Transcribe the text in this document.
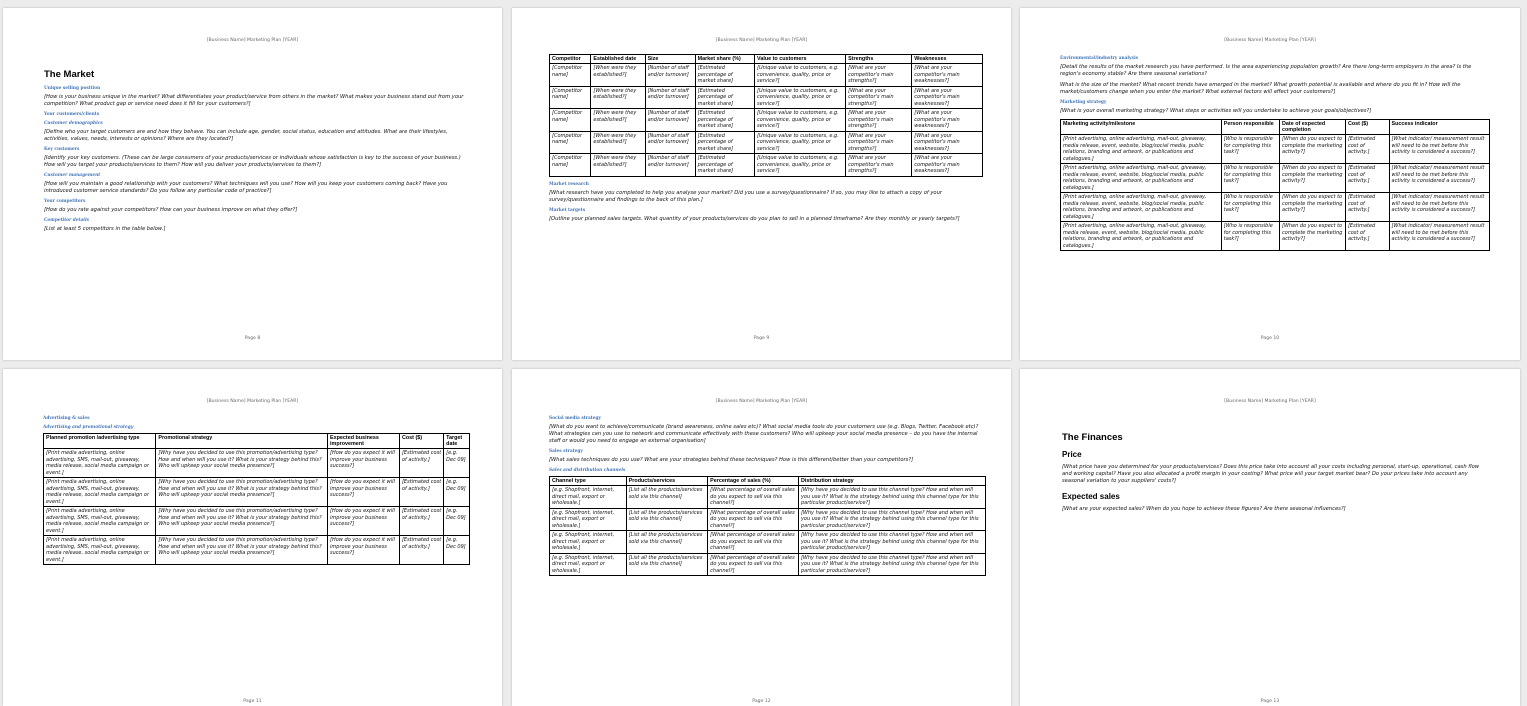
[Business Name] Marketing Plan [YEAR]
The Market
Unique selling position
[How is your business unique in the market? What differentiates your product/service from others in the market? What makes your business stand out from your competition? What product gap or service need does it fill for your customers?]
Your customers/clients
Customer demographics
[Define who your target customers are and how they behave. You can include age, gender, social status, education and attitudes. What are their lifestyles, activities, values, needs, interests or opinions? Where are they located?]
Key customers
[Identify your key customers. (These can be large consumers of your products/services or individuals whose satisfaction is key to the success of your business.) How will you target your products/services to them? How will you deliver your products/services to them?]
Customer management
[How will you maintain a good relationship with your customers? What techniques will you use? How will you keep your customers coming back? Have you introduced customer service standards? Do you follow any particular code of practice?]
Your competitors
[How do you rate against your competitors? How can your business improve on what they offer?]
Competitor details
[List at least 5 competitors in the table below.]
Page 8
[Business Name] Marketing Plan [YEAR]
Competitor	Established date	Size	Market share (%)	Value to customers	Strengths	Weaknesses
[Competitor name]	[When were they established?]	[Number of staff and/or turnover]	[Estimated percentage of market share]	[Unique value to customers, e.g. convenience, quality, price or service?]	[What are your competitor's main strengths?]	[What are your competitor's main weaknesses?]
[Competitor name]	[When were they established?]	[Number of staff and/or turnover]	[Estimated percentage of market share]	[Unique value to customers, e.g. convenience, quality, price or service?]	[What are your competitor's main strengths?]	[What are your competitor's main weaknesses?]
[Competitor name]	[When were they established?]	[Number of staff and/or turnover]	[Estimated percentage of market share]	[Unique value to customers, e.g. convenience, quality, price or service?]	[What are your competitor's main strengths?]	[What are your competitor's main weaknesses?]
[Competitor name]	[When were they established?]	[Number of staff and/or turnover]	[Estimated percentage of market share]	[Unique value to customers, e.g. convenience, quality, price or service?]	[What are your competitor's main strengths?]	[What are your competitor's main weaknesses?]
[Competitor name]	[When were they established?]	[Number of staff and/or turnover]	[Estimated percentage of market share]	[Unique value to customers, e.g. convenience, quality, price or service?]	[What are your competitor's main strengths?]	[What are your competitor's main weaknesses?]
Market research
[What research have you completed to help you analyse your market? Did you use a survey/questionnaire? If so, you may like to attach a copy of your survey/questionnaire and findings to the back of this plan.]
Market targets
[Outline your planned sales targets. What quantity of your products/services do you plan to sell in a planned timeframe? Are they monthly or yearly targets?]
Page 9
[Business Name] Marketing Plan [YEAR]
Environmental/industry analysis
[Detail the results of the market research you have performed. Is the area experiencing population growth? Are there long-term employers in the area? Is the region's economy stable? Are there seasonal variations?
What is the size of the market? What recent trends have emerged in the market? What growth potential is available and where do you fit in? How will the market/customers change when you enter the market? What external factors will affect your customers?]
Marketing strategy
[What is your overall marketing strategy? What steps or activities will you undertake to achieve your goals/objectives?]
Marketing activity/milestone	Person responsible	Date of expected completion	Cost ($)	Success indicator
[Print advertising, online advertising, mail-out, giveaway, media release, event, website, blog/social media, public relations, branding and artwork, or publications and catalogues.]	[Who is responsible for completing this task?]	[When do you expect to complete the marketing activity?]	[Estimated cost of activity.]	[What indicator/ measurement result will need to be met before this activity is considered a success?]
[Print advertising, online advertising, mail-out, giveaway, media release, event, website, blog/social media, public relations, branding and artwork, or publications and catalogues.]	[Who is responsible for completing this task?]	[When do you expect to complete the marketing activity?]	[Estimated cost of activity.]	[What indicator/ measurement result will need to be met before this activity is considered a success?]
[Print advertising, online advertising, mail-out, giveaway, media release, event, website, blog/social media, public relations, branding and artwork, or publications and catalogues.]	[Who is responsible for completing this task?]	[When do you expect to complete the marketing activity?]	[Estimated cost of activity.]	[What indicator/ measurement result will need to be met before this activity is considered a success?]
[Print advertising, online advertising, mail-out, giveaway, media release, event, website, blog/social media, public relations, branding and artwork, or publications and catalogues.]	[Who is responsible for completing this task?]	[When do you expect to complete the marketing activity?]	[Estimated cost of activity.]	[What indicator/ measurement result will need to be met before this activity is considered a success?]
Page 10
[Business Name] Marketing Plan [YEAR]
Advertising & sales
Advertising and promotional strategy
Planned promotion /advertising type	Promotional strategy	Expected business improvement	Cost ($)	Target date
[Print media advertising, online advertising, SMS, mail-out, giveaway, media release, social media campaign or event.]	[Why have you decided to use this promotion/advertising type? How and when will you use it? What is your strategy behind this? Who will upkeep your social media presence?]	[How do you expect it will improve your business success?]	[Estimated cost of activity.]	[e.g. Dec 09]
[Print media advertising, online advertising, SMS, mail-out, giveaway, media release, social media campaign or event.]	[Why have you decided to use this promotion/advertising type? How and when will you use it? What is your strategy behind this? Who will upkeep your social media presence?]	[How do you expect it will improve your business success?]	[Estimated cost of activity.]	[e.g. Dec 09]
[Print media advertising, online advertising, SMS, mail-out, giveaway, media release, social media campaign or event.]	[Why have you decided to use this promotion/advertising type? How and when will you use it? What is your strategy behind this? Who will upkeep your social media presence?]	[How do you expect it will improve your business success?]	[Estimated cost of activity.]	[e.g. Dec 09]
[Print media advertising, online advertising, SMS, mail-out, giveaway, media release, social media campaign or event.]	[Why have you decided to use this promotion/advertising type? How and when will you use it? What is your strategy behind this? Who will upkeep your social media presence?]	[How do you expect it will improve your business success?]	[Estimated cost of activity.]	[e.g. Dec 09]
Page 11
[Business Name] Marketing Plan [YEAR]
Social media strategy
[What do you want to achieve/communicate (brand awareness, online sales etc)? What social media tools do your customers use (e.g. Blogs, Twitter, Facebook etc)? What strategies can you use to network and communicate effectively with these customers? Who will upkeep your social media presence – do you have the internal staff or would you need to engage an external organisation]
Sales strategy
[What sales techniques do you use? What are your strategies behind these techniques? How is this different/better than your competitors?]
Sales and distribution channels
Channel type	Products/services	Percentage of sales (%)	Distribution strategy
[e.g. Shopfront, internet, direct mail, export or wholesale.]	[List all the products/services sold via this channel]	[What percentage of overall sales do you expect to sell via this channel?]	[Why have you decided to use this channel type? How and when will you use it? What is the strategy behind using this channel type for this particular product/service?]
[e.g. Shopfront, internet, direct mail, export or wholesale.]	[List all the products/services sold via this channel]	[What percentage of overall sales do you expect to sell via this channel?]	[Why have you decided to use this channel type? How and when will you use it? What is the strategy behind using this channel type for this particular product/service?]
[e.g. Shopfront, internet, direct mail, export or wholesale.]	[List all the products/services sold via this channel]	[What percentage of overall sales do you expect to sell via this channel?]	[Why have you decided to use this channel type? How and when will you use it? What is the strategy behind using this channel type for this particular product/service?]
[e.g. Shopfront, internet, direct mail, export or wholesale.]	[List all the products/services sold via this channel]	[What percentage of overall sales do you expect to sell via this channel?]	[Why have you decided to use this channel type? How and when will you use it? What is the strategy behind using this channel type for this particular product/service?]
Page 12
[Business Name] Marketing Plan [YEAR]
The Finances
Price
[What price have you determined for your products/services? Does this price take into account all your costs including personal, start-up, operational, cash flow and working capital? Have you also allocated a profit margin in your costing? What price will your target market bear? Do your prices take into account any seasonal variation to your suppliers' costs?]
Expected sales
[What are your expected sales? When do you hope to achieve these figures? Are there seasonal influences?]
Page 13
